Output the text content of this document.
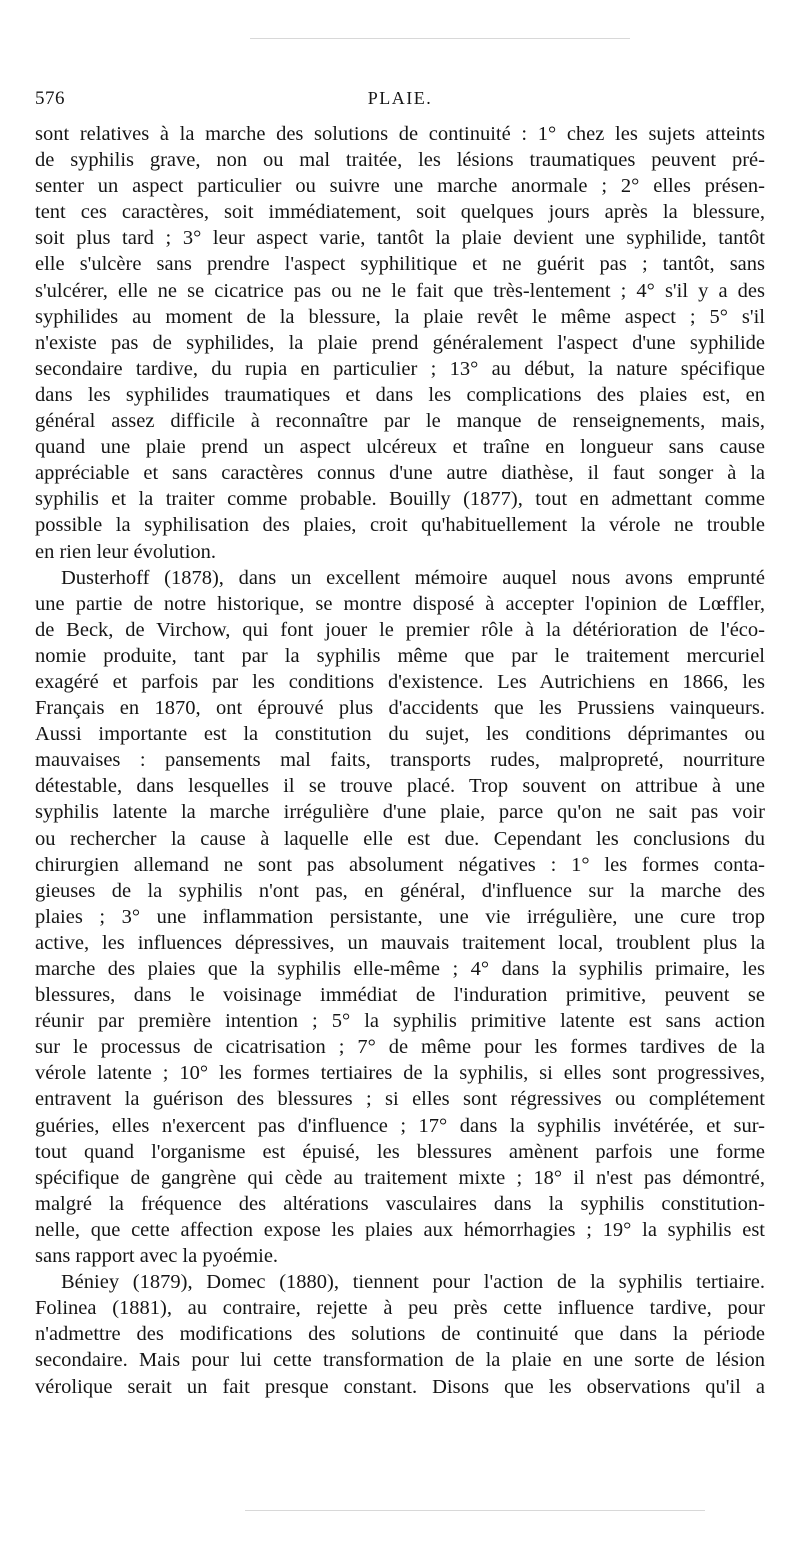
576	PLAIE.
sont relatives à la marche des solutions de continuité : 1° chez les sujets atteints
de syphilis grave, non ou mal traitée, les lésions traumatiques peuvent pré-
senter un aspect particulier ou suivre une marche anormale ; 2° elles présen-
tent ces caractères, soit immédiatement, soit quelques jours après la blessure,
soit plus tard ; 3° leur aspect varie, tantôt la plaie devient une syphilide, tantôt
elle s'ulcère sans prendre l'aspect syphilitique et ne guérit pas ; tantôt, sans
s'ulcérer, elle ne se cicatrice pas ou ne le fait que très-lentement ; 4° s'il y a des
syphilides au moment de la blessure, la plaie revêt le même aspect ; 5° s'il
n'existe pas de syphilides, la plaie prend généralement l'aspect d'une syphilide
secondaire tardive, du rupia en particulier ; 13° au début, la nature spécifique
dans les syphilides traumatiques et dans les complications des plaies est, en
général assez difficile à reconnaître par le manque de renseignements, mais,
quand une plaie prend un aspect ulcéreux et traîne en longueur sans cause
appréciable et sans caractères connus d'une autre diathèse, il faut songer à la
syphilis et la traiter comme probable. Bouilly (1877), tout en admettant comme
possible la syphilisation des plaies, croit qu'habituellement la vérole ne trouble
en rien leur évolution.
Dusterhoff (1878), dans un excellent mémoire auquel nous avons emprunté
une partie de notre historique, se montre disposé à accepter l'opinion de Lœffler,
de Beck, de Virchow, qui font jouer le premier rôle à la détérioration de l'éco-
nomie produite, tant par la syphilis même que par le traitement mercuriel
exagéré et parfois par les conditions d'existence. Les Autrichiens en 1866, les
Français en 1870, ont éprouvé plus d'accidents que les Prussiens vainqueurs.
Aussi importante est la constitution du sujet, les conditions déprimantes ou
mauvaises : pansements mal faits, transports rudes, malpropreté, nourriture
détestable, dans lesquelles il se trouve placé. Trop souvent on attribue à une
syphilis latente la marche irrégulière d'une plaie, parce qu'on ne sait pas voir
ou rechercher la cause à laquelle elle est due. Cependant les conclusions du
chirurgien allemand ne sont pas absolument négatives : 1° les formes conta-
gieuses de la syphilis n'ont pas, en général, d'influence sur la marche des
plaies ; 3° une inflammation persistante, une vie irrégulière, une cure trop
active, les influences dépressives, un mauvais traitement local, troublent plus la
marche des plaies que la syphilis elle-même ; 4° dans la syphilis primaire, les
blessures, dans le voisinage immédiat de l'induration primitive, peuvent se
réunir par première intention ; 5° la syphilis primitive latente est sans action
sur le processus de cicatrisation ; 7° de même pour les formes tardives de la
vérole latente ; 10° les formes tertiaires de la syphilis, si elles sont progressives,
entravent la guérison des blessures ; si elles sont régressives ou complétement
guéries, elles n'exercent pas d'influence ; 17° dans la syphilis invétérée, et sur-
tout quand l'organisme est épuisé, les blessures amènent parfois une forme
spécifique de gangrène qui cède au traitement mixte ; 18° il n'est pas démontré,
malgré la fréquence des altérations vasculaires dans la syphilis constitution-
nelle, que cette affection expose les plaies aux hémorrhagies ; 19° la syphilis est
sans rapport avec la pyoémie.
Béniey (1879), Domec (1880), tiennent pour l'action de la syphilis tertiaire.
Folinea (1881), au contraire, rejette à peu près cette influence tardive, pour
n'admettre des modifications des solutions de continuité que dans la période
secondaire. Mais pour lui cette transformation de la plaie en une sorte de lésion
vérolique serait un fait presque constant. Disons que les observations qu'il a
